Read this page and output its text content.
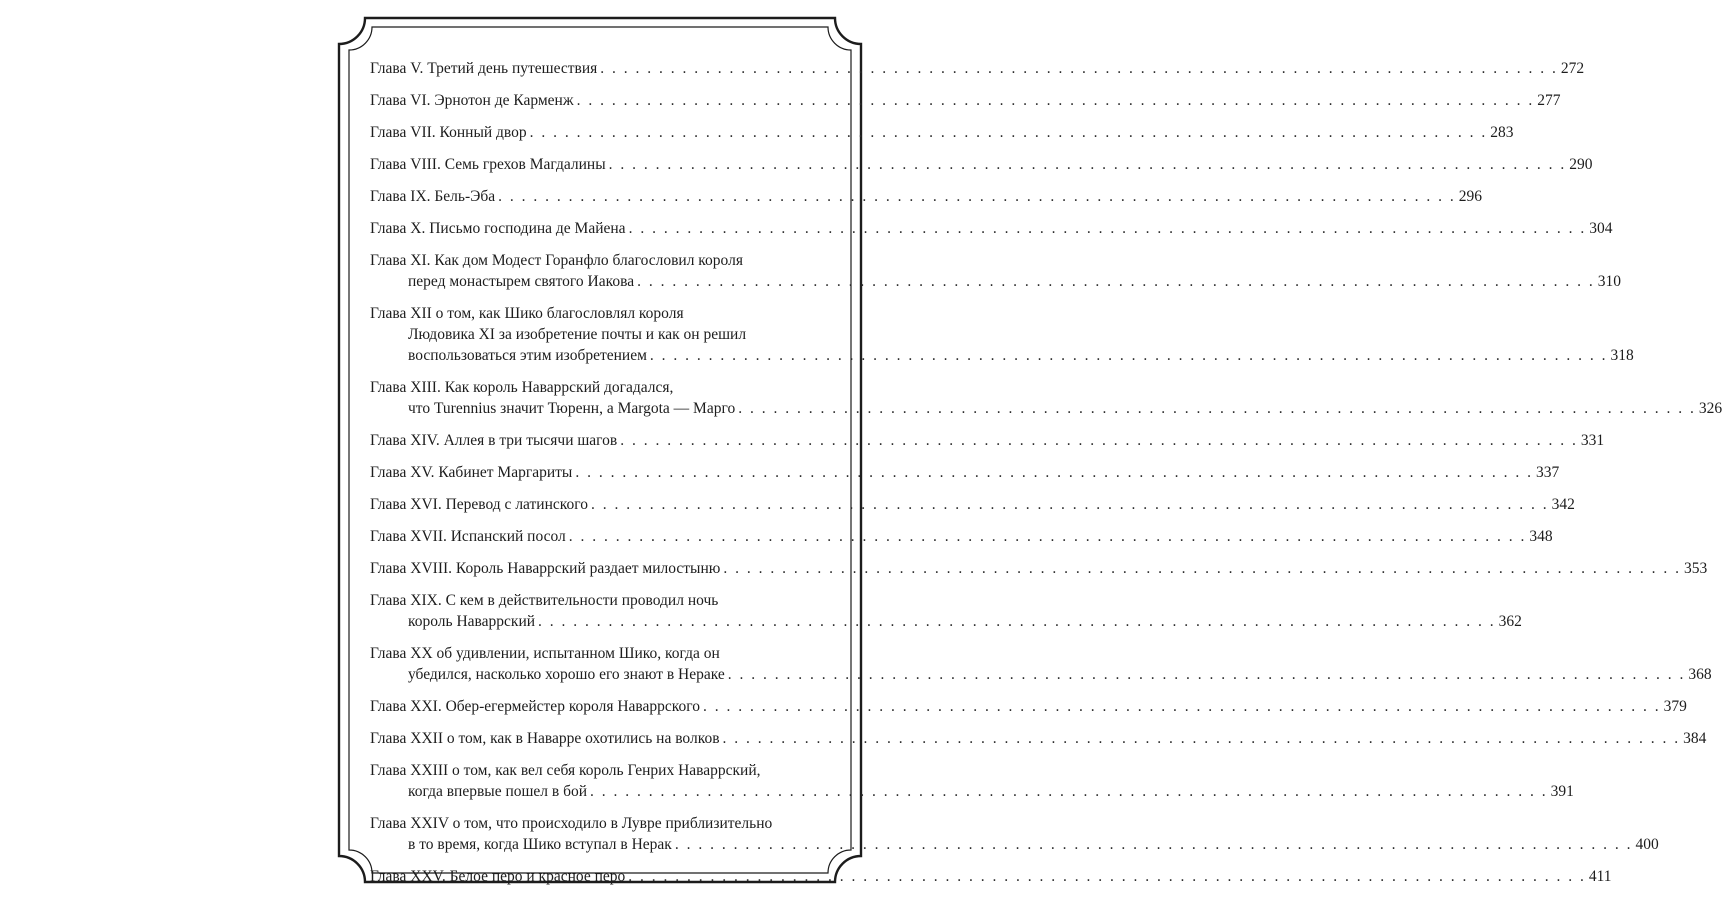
Глава V. Третий день путешествия . . . . . . . . . . . . . . . . . . . . . . . . . . . . . . . . . . . . . . . . . . . . . . . . . . . . . . . . . . . . . . . . . . . . . . . . . . . . . . . . . . 272
Глава VI. Эрнотон де Карменж . . . . . . . . . . . . . . . . . . . . . . . . . . . . . . . . . . . . . . . . . . . . . . . . . . . . . . . . . . . . . . . . . . . . . . . . . . . . . . . . . . 277
Глава VII. Конный двор . . . . . . . . . . . . . . . . . . . . . . . . . . . . . . . . . . . . . . . . . . . . . . . . . . . . . . . . . . . . . . . . . . . . . . . . . . . . . . . . . . 283
Глава VIII. Семь грехов Магдалины . . . . . . . . . . . . . . . . . . . . . . . . . . . . . . . . . . . . . . . . . . . . . . . . . . . . . . . . . . . . . . . . . . . . . . . . . . . . . . . . . . 290
Глава IX. Бель-Эба . . . . . . . . . . . . . . . . . . . . . . . . . . . . . . . . . . . . . . . . . . . . . . . . . . . . . . . . . . . . . . . . . . . . . . . . . . . . . . . . . . 296
Глава X. Письмо господина де Майена . . . . . . . . . . . . . . . . . . . . . . . . . . . . . . . . . . . . . . . . . . . . . . . . . . . . . . . . . . . . . . . . . . . . . . . . . . . . . . . . . . 304
Глава XI. Как дом Модест Горанфло благословил короля
перед монастырем святого Иакова . . . . . . . . . . . . . . . . . . . . . . . . . . . . . . . . . . . . . . . . . . . . . . . . . . . . . . . . . . . . . . . . . . . . . . . . . . . . . . . . . . 310
Глава XII о том, как Шико благословлял короля
Людовика XI за изобретение почты и как он решил
воспользоваться этим изобретением . . . . . . . . . . . . . . . . . . . . . . . . . . . . . . . . . . . . . . . . . . . . . . . . . . . . . . . . . . . . . . . . . . . . . . . . . . . . . . . . . . 318
Глава XIII. Как король Наваррский догадался,
что Turennius значит Тюренн, а Margota — Марго . . . . . . . . . . . . . . . . . . . . . . . . . . . . . . . . . . . . . . . . . . . . . . . . . . . . . . . . . . . . . . . . . . . . . . . . . . . . . . . . . . 326
Глава XIV. Аллея в три тысячи шагов . . . . . . . . . . . . . . . . . . . . . . . . . . . . . . . . . . . . . . . . . . . . . . . . . . . . . . . . . . . . . . . . . . . . . . . . . . . . . . . . . . 331
Глава XV. Кабинет Маргариты . . . . . . . . . . . . . . . . . . . . . . . . . . . . . . . . . . . . . . . . . . . . . . . . . . . . . . . . . . . . . . . . . . . . . . . . . . . . . . . . . . 337
Глава XVI. Перевод с латинского . . . . . . . . . . . . . . . . . . . . . . . . . . . . . . . . . . . . . . . . . . . . . . . . . . . . . . . . . . . . . . . . . . . . . . . . . . . . . . . . . . 342
Глава XVII. Испанский посол . . . . . . . . . . . . . . . . . . . . . . . . . . . . . . . . . . . . . . . . . . . . . . . . . . . . . . . . . . . . . . . . . . . . . . . . . . . . . . . . . . 348
Глава XVIII. Король Наваррский раздает милостыню . . . . . . . . . . . . . . . . . . . . . . . . . . . . . . . . . . . . . . . . . . . . . . . . . . . . . . . . . . . . . . . . . . . . . . . . . . . . . . . . . . 353
Глава XIX. С кем в действительности проводил ночь
король Наваррский . . . . . . . . . . . . . . . . . . . . . . . . . . . . . . . . . . . . . . . . . . . . . . . . . . . . . . . . . . . . . . . . . . . . . . . . . . . . . . . . . . 362
Глава XX об удивлении, испытанном Шико, когда он
убедился, насколько хорошо его знают в Нераке . . . . . . . . . . . . . . . . . . . . . . . . . . . . . . . . . . . . . . . . . . . . . . . . . . . . . . . . . . . . . . . . . . . . . . . . . . . . . . . . . . 368
Глава XXI. Обер-егермейстер короля Наваррского . . . . . . . . . . . . . . . . . . . . . . . . . . . . . . . . . . . . . . . . . . . . . . . . . . . . . . . . . . . . . . . . . . . . . . . . . . . . . . . . . . 379
Глава XXII о том, как в Наварре охотились на волков . . . . . . . . . . . . . . . . . . . . . . . . . . . . . . . . . . . . . . . . . . . . . . . . . . . . . . . . . . . . . . . . . . . . . . . . . . . . . . . . . . 384
Глава XXIII о том, как вел себя король Генрих Наваррский,
когда впервые пошел в бой . . . . . . . . . . . . . . . . . . . . . . . . . . . . . . . . . . . . . . . . . . . . . . . . . . . . . . . . . . . . . . . . . . . . . . . . . . . . . . . . . . 391
Глава XXIV о том, что происходило в Лувре приблизительно
в то время, когда Шико вступал в Нерак . . . . . . . . . . . . . . . . . . . . . . . . . . . . . . . . . . . . . . . . . . . . . . . . . . . . . . . . . . . . . . . . . . . . . . . . . . . . . . . . . . 400
Глава XXV. Белое перо и красное перо . . . . . . . . . . . . . . . . . . . . . . . . . . . . . . . . . . . . . . . . . . . . . . . . . . . . . . . . . . . . . . . . . . . . . . . . . . . . . . . . . . 411
